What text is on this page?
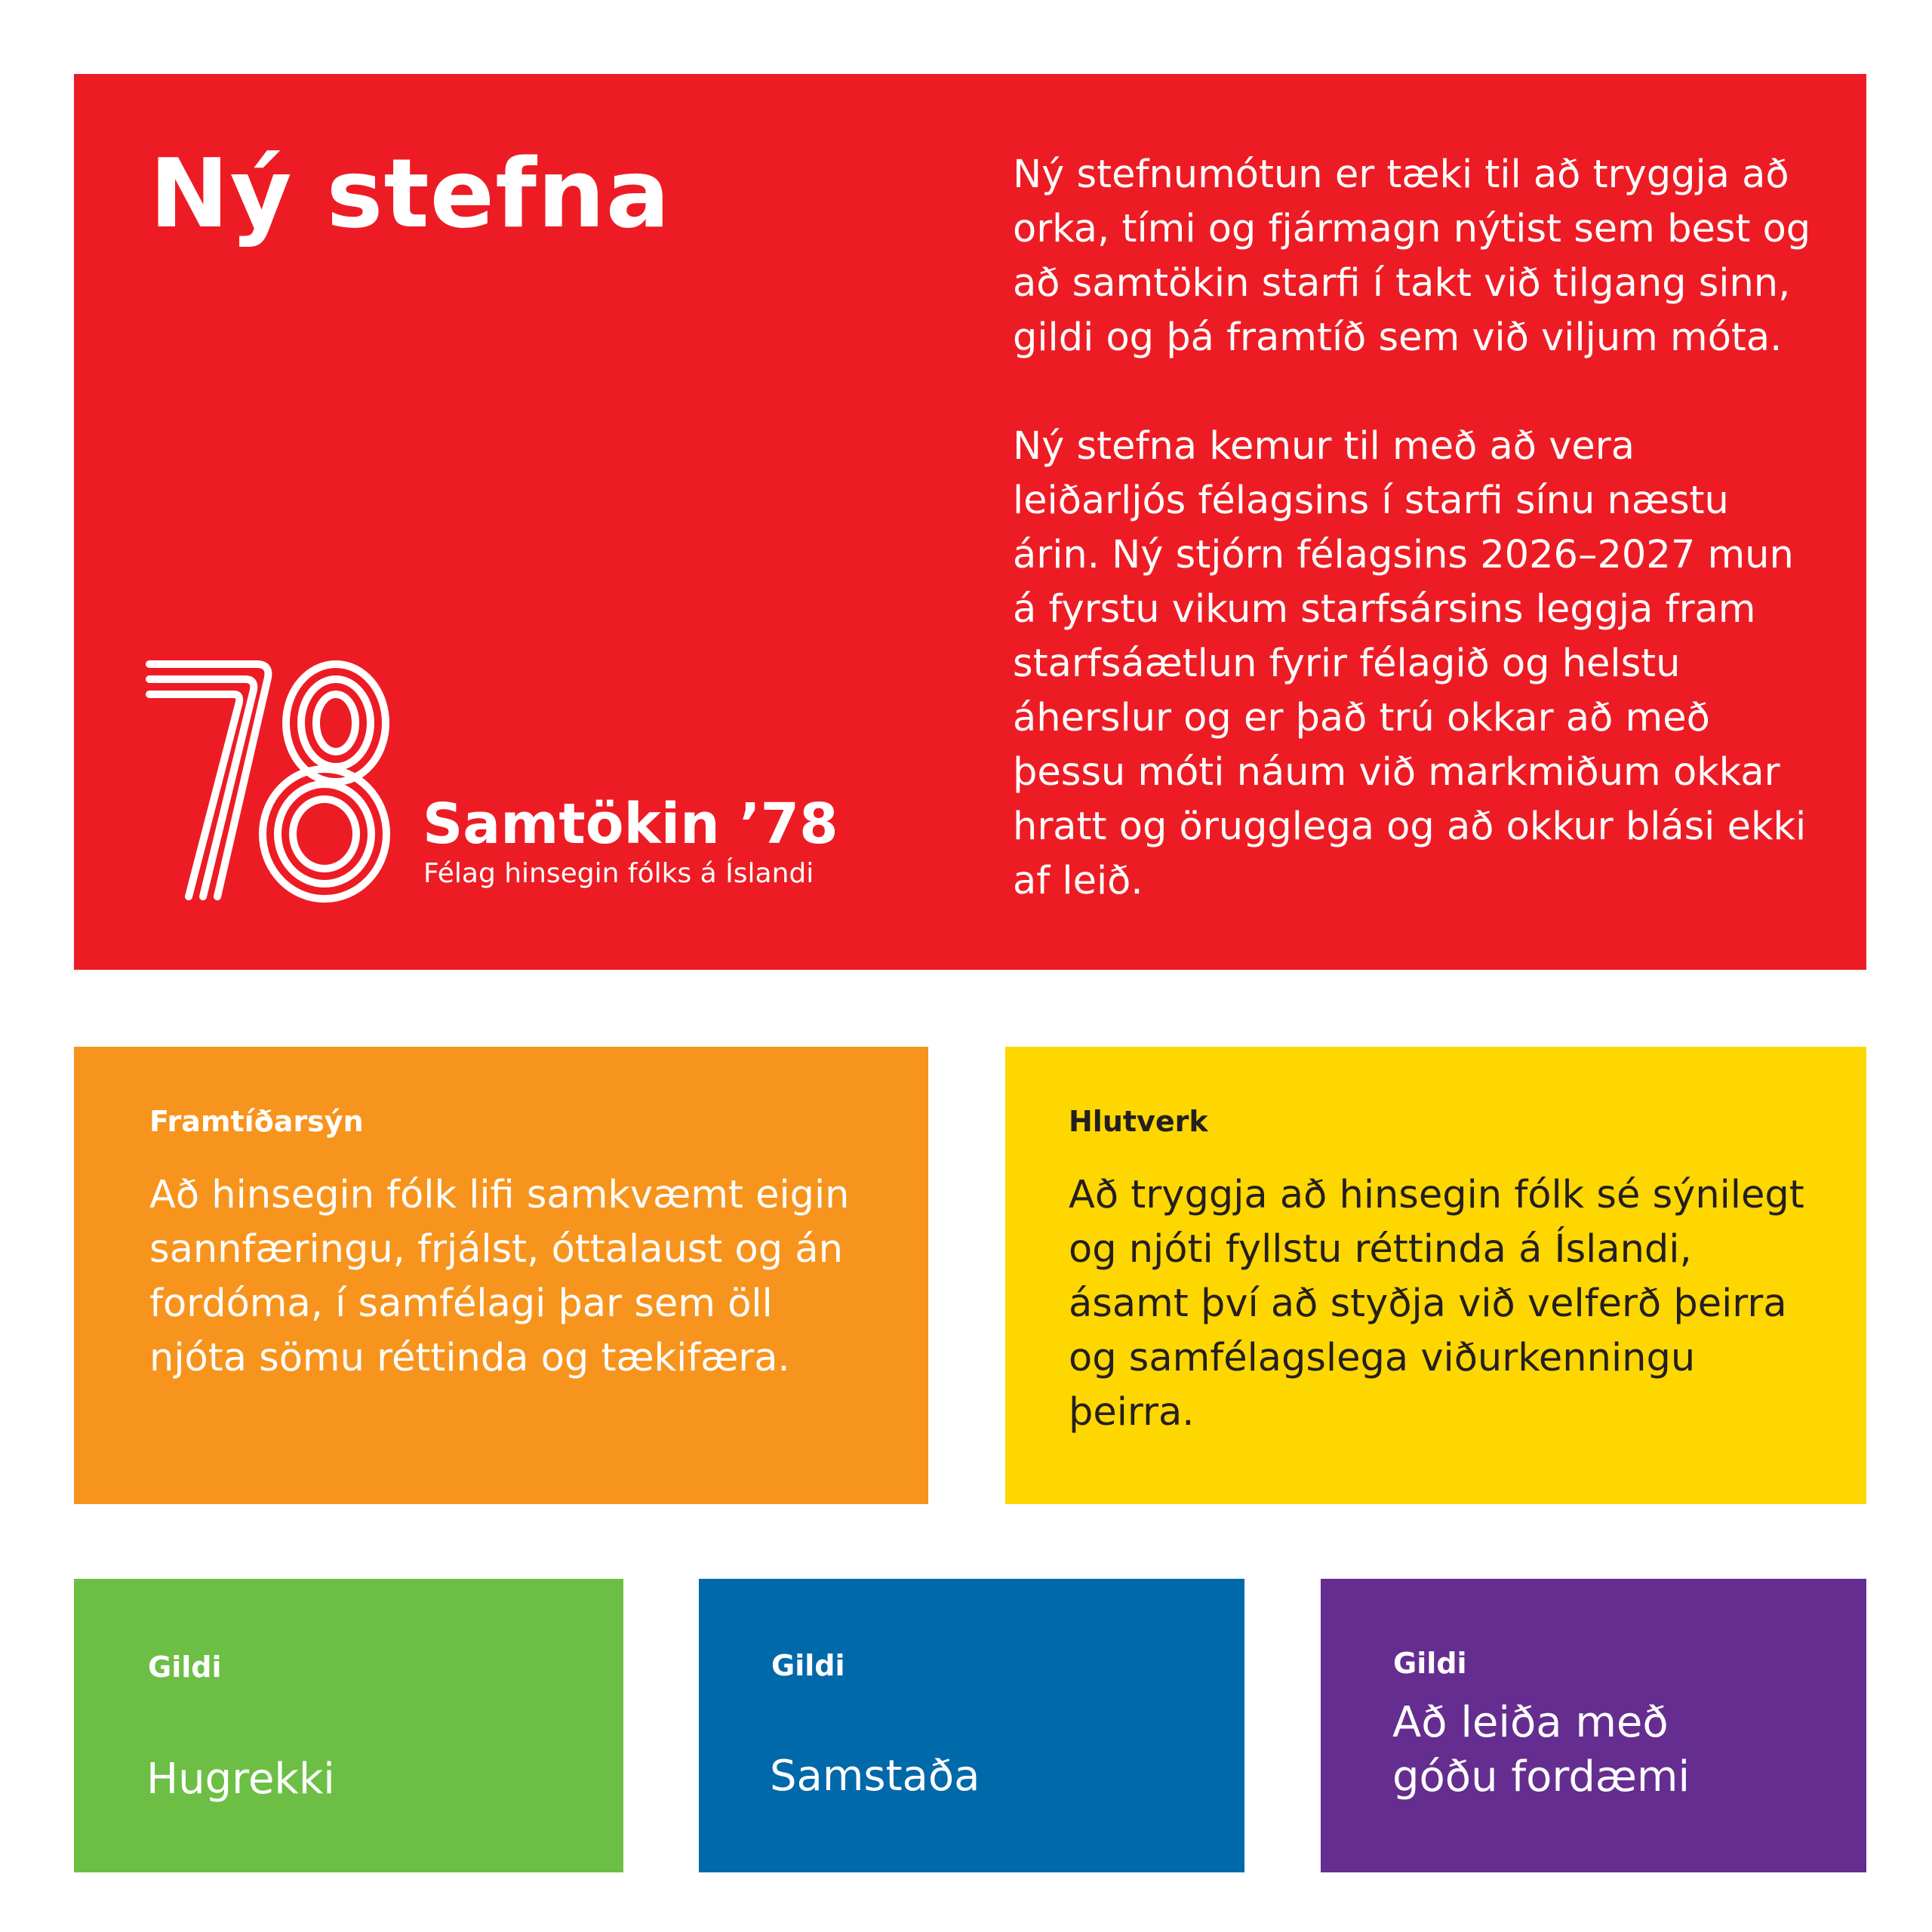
Ný stefna	Ný stefnumótun er tæki til að tryggja að orka, tími og fjármagn nýtist sem best og að samtökin starfi í takt við tilgang sinn, gildi og þá framtíð sem við viljum móta.

Ný stefna kemur til með að vera leiðarljós félagsins í starfi sínu næstu árin. Ný stjórn félagsins 2026–2027 mun á fyrstu vikum starfsársins leggja fram starfsáætlun fyrir félagið og helstu áherslur og er það trú okkar að með þessu móti náum við markmiðum okkar hratt og örugglega og að okkur blási ekki af leið.

Samtökin ’78
Félag hinsegin fólks á Íslandi
Framtíðarsýn
Að hinsegin fólk lifi samkvæmt eigin sannfæringu, frjálst, óttalaust og án fordóma, í samfélagi þar sem öll njóta sömu réttinda og tækifæra.
Hlutverk
Að tryggja að hinsegin fólk sé sýnilegt og njóti fyllstu réttinda á Íslandi, ásamt því að styðja við velferð þeirra og samfélagslega viðurkenningu þeirra.
Gildi
Hugrekki
Gildi
Samstaða
Gildi
Að leiða með
góðu fordæmi
